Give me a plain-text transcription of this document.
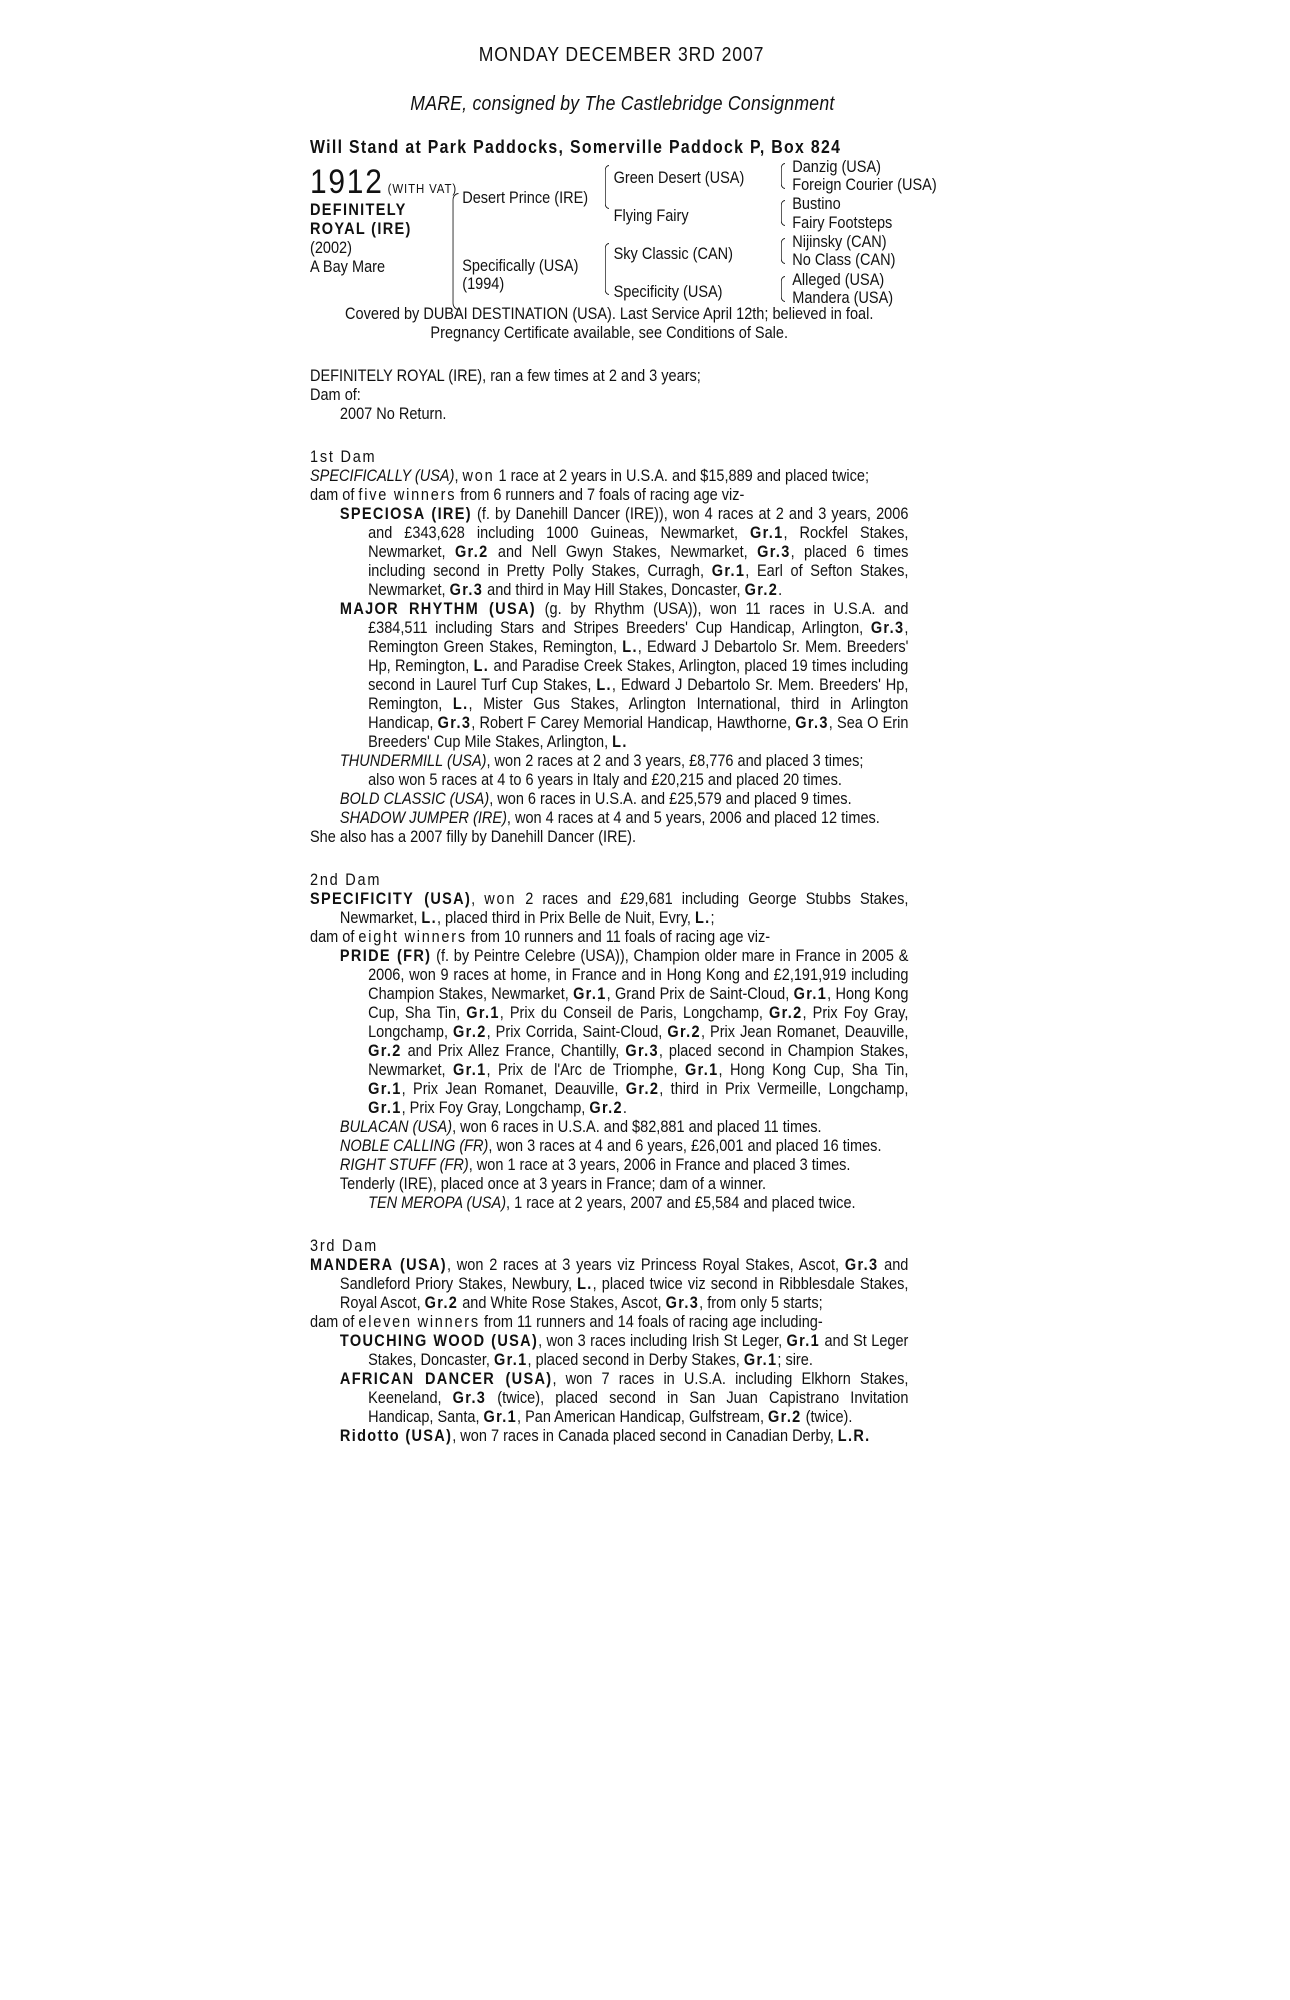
MONDAY DECEMBER 3RD 2007
MARE, consigned by The Castlebridge Consignment
Will Stand at Park Paddocks, Somerville Paddock P, Box 824
1912 (WITH VAT)
DEFINITELY
ROYAL (IRE)
(2002)
A Bay Mare
Desert Prince (IRE)
Specifically (USA)
(1994)
Green Desert (USA)
Flying Fairy
Sky Classic (CAN)
Specificity (USA)
Danzig (USA)
Foreign Courier (USA)
Bustino
Fairy Footsteps
Nijinsky (CAN)
No Class (CAN)
Alleged (USA)
Mandera (USA)
Covered by DUBAI DESTINATION (USA). Last Service April 12th; believed in foal.
Pregnancy Certificate available, see Conditions of Sale.
DEFINITELY ROYAL (IRE), ran a few times at 2 and 3 years;
Dam of:
2007 No Return.
1st Dam
SPECIFICALLY (USA), won 1 race at 2 years in U.S.A. and $15,889 and placed twice;
dam of five winners from 6 runners and 7 foals of racing age viz-
SPECIOSA (IRE) (f. by Danehill Dancer (IRE)), won 4 races at 2 and 3 years, 2006 and £343,628 including 1000 Guineas, Newmarket, Gr.1, Rockfel Stakes, Newmarket, Gr.2 and Nell Gwyn Stakes, Newmarket, Gr.3, placed 6 times including second in Pretty Polly Stakes, Curragh, Gr.1, Earl of Sefton Stakes, Newmarket, Gr.3 and third in May Hill Stakes, Doncaster, Gr.2.
MAJOR RHYTHM (USA) (g. by Rhythm (USA)), won 11 races in U.S.A. and £384,511 including Stars and Stripes Breeders' Cup Handicap, Arlington, Gr.3, Remington Green Stakes, Remington, L., Edward J Debartolo Sr. Mem. Breeders' Hp, Remington, L. and Paradise Creek Stakes, Arlington, placed 19 times including second in Laurel Turf Cup Stakes, L., Edward J Debartolo Sr. Mem. Breeders' Hp, Remington, L., Mister Gus Stakes, Arlington International, third in Arlington Handicap, Gr.3, Robert F Carey Memorial Handicap, Hawthorne, Gr.3, Sea O Erin Breeders' Cup Mile Stakes, Arlington, L.
THUNDERMILL (USA), won 2 races at 2 and 3 years, £8,776 and placed 3 times;
also won 5 races at 4 to 6 years in Italy and £20,215 and placed 20 times.
BOLD CLASSIC (USA), won 6 races in U.S.A. and £25,579 and placed 9 times.
SHADOW JUMPER (IRE), won 4 races at 4 and 5 years, 2006 and placed 12 times.
She also has a 2007 filly by Danehill Dancer (IRE).
2nd Dam
SPECIFICITY (USA), won 2 races and £29,681 including George Stubbs Stakes, Newmarket, L., placed third in Prix Belle de Nuit, Evry, L.;
dam of eight winners from 10 runners and 11 foals of racing age viz-
PRIDE (FR) (f. by Peintre Celebre (USA)), Champion older mare in France in 2005 & 2006, won 9 races at home, in France and in Hong Kong and £2,191,919 including Champion Stakes, Newmarket, Gr.1, Grand Prix de Saint-Cloud, Gr.1, Hong Kong Cup, Sha Tin, Gr.1, Prix du Conseil de Paris, Longchamp, Gr.2, Prix Foy Gray, Longchamp, Gr.2, Prix Corrida, Saint-Cloud, Gr.2, Prix Jean Romanet, Deauville, Gr.2 and Prix Allez France, Chantilly, Gr.3, placed second in Champion Stakes, Newmarket, Gr.1, Prix de l'Arc de Triomphe, Gr.1, Hong Kong Cup, Sha Tin, Gr.1, Prix Jean Romanet, Deauville, Gr.2, third in Prix Vermeille, Longchamp, Gr.1, Prix Foy Gray, Longchamp, Gr.2.
BULACAN (USA), won 6 races in U.S.A. and $82,881 and placed 11 times.
NOBLE CALLING (FR), won 3 races at 4 and 6 years, £26,001 and placed 16 times.
RIGHT STUFF (FR), won 1 race at 3 years, 2006 in France and placed 3 times.
Tenderly (IRE), placed once at 3 years in France; dam of a winner.
TEN MEROPA (USA), 1 race at 2 years, 2007 and £5,584 and placed twice.
3rd Dam
MANDERA (USA), won 2 races at 3 years viz Princess Royal Stakes, Ascot, Gr.3 and Sandleford Priory Stakes, Newbury, L., placed twice viz second in Ribblesdale Stakes, Royal Ascot, Gr.2 and White Rose Stakes, Ascot, Gr.3, from only 5 starts;
dam of eleven winners from 11 runners and 14 foals of racing age including-
TOUCHING WOOD (USA), won 3 races including Irish St Leger, Gr.1 and St Leger Stakes, Doncaster, Gr.1, placed second in Derby Stakes, Gr.1; sire.
AFRICAN DANCER (USA), won 7 races in U.S.A. including Elkhorn Stakes, Keeneland, Gr.3 (twice), placed second in San Juan Capistrano Invitation Handicap, Santa, Gr.1, Pan American Handicap, Gulfstream, Gr.2 (twice).
Ridotto (USA), won 7 races in Canada placed second in Canadian Derby, L.R.
